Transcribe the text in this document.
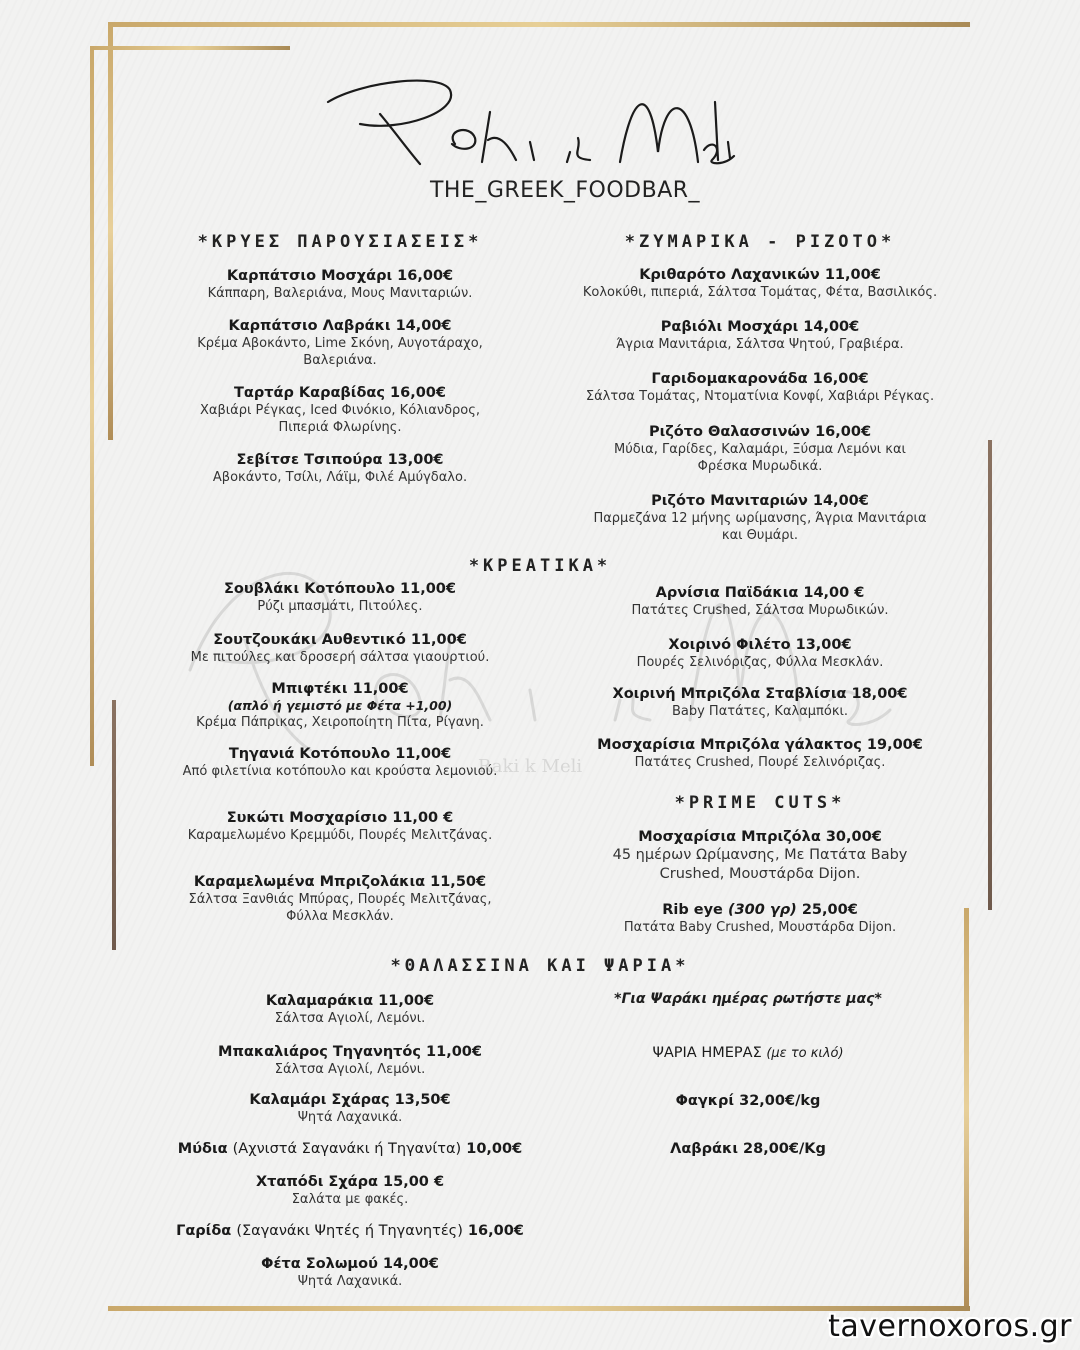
Raki k Meli
THE_GREEK_FOODBAR_
*ΚΡΥΕΣ ΠΑΡΟΥΣΙΑΣΕΙΣ*
Καρπάτσιο Μοσχάρι 16,00€
Κάππαρη, Βαλεριάνα, Μους Μανιταριών.
Καρπάτσιο Λαβράκι 14,00€
Κρέμα Αβοκάντο, Lime Σκόνη, Αυγοτάραχο,
Βαλεριάνα.
Ταρτάρ Καραβίδας 16,00€
Χαβιάρι Ρέγκας, Iced Φινόκιο, Κόλιανδρος,
Πιπεριά Φλωρίνης.
Σεβίτσε Τσιπούρα 13,00€
Αβοκάντο, Τσίλι, Λάϊμ, Φιλέ Αμύγδαλο.
*ΖΥΜΑΡΙΚΑ - ΡΙΖΟΤΟ*
Κριθαρότο Λαχανικών 11,00€
Κολοκύθι, πιπεριά, Σάλτσα Τομάτας, Φέτα, Βασιλικός.
Ραβιόλι Μοσχάρι 14,00€
Άγρια Μανιτάρια, Σάλτσα Ψητού, Γραβιέρα.
Γαριδομακαρονάδα 16,00€
Σάλτσα Τομάτας, Ντοματίνια Κονφί, Χαβιάρι Ρέγκας.
Ριζότο Θαλασσινών 16,00€
Μύδια, Γαρίδες, Καλαμάρι, Ξύσμα Λεμόνι και
Φρέσκα Μυρωδικά.
Ριζότο Μανιταριών 14,00€
Παρμεζάνα 12 μήνης ωρίμανσης, Άγρια Μανιτάρια
και Θυμάρι.
*ΚΡΕΑΤΙΚΑ*
Σουβλάκι Κοτόπουλο 11,00€
Ρύζι μπασμάτι, Πιτούλες.
Σουτζουκάκι Αυθεντικό 11,00€
Με πιτούλες και δροσερή σάλτσα γιαουρτιού.
Μπιφτέκι 11,00€
(απλό ή γεμιστό με Φέτα +1,00)
Κρέμα Πάπρικας, Χειροποίητη Πίτα, Ρίγανη.
Τηγανιά Κοτόπουλο 11,00€
Από φιλετίνια κοτόπουλο και κρούστα λεμονιού.
Συκώτι Μοσχαρίσιο 11,00 €
Καραμελωμένο Κρεμμύδι, Πουρές Μελιτζάνας.
Καραμελωμένα Μπριζολάκια 11,50€
Σάλτσα Ξανθιάς Μπύρας, Πουρές Μελιτζάνας,
Φύλλα Μεσκλάν.
Αρνίσια Παϊδάκια 14,00 €
Πατάτες Crushed, Σάλτσα Μυρωδικών.
Χοιρινό Φιλέτο 13,00€
Πουρές Σελινόριζας, Φύλλα Μεσκλάν.
Χοιρινή Μπριζόλα Σταβλίσια 18,00€
Baby Πατάτες, Καλαμπόκι.
Μοσχαρίσια Μπριζόλα γάλακτος 19,00€
Πατάτες Crushed, Πουρέ Σελινόριζας.
*PRIME CUTS*
Μοσχαρίσια Μπριζόλα 30,00€
45 ημέρων Ωρίμανσης, Με Πατάτα Baby
Crushed, Μουστάρδα Dijon.
Rib eye (300 γρ) 25,00€
Πατάτα Baby Crushed, Μουστάρδα Dijon.
*ΘΑΛΑΣΣΙΝΑ ΚΑΙ ΨΑΡΙΑ*
Καλαμαράκια 11,00€
Σάλτσα Αγιολί, Λεμόνι.
Μπακαλιάρος Τηγανητός 11,00€
Σάλτσα Αγιολί, Λεμόνι.
Καλαμάρι Σχάρας 13,50€
Ψητά Λαχανικά.
Μύδια (Αχνιστά Σαγανάκι ή Τηγανίτα) 10,00€
Χταπόδι Σχάρα 15,00 €
Σαλάτα με φακές.
Γαρίδα (Σαγανάκι Ψητές ή Τηγανητές) 16,00€
Φέτα Σολωμού 14,00€
Ψητά Λαχανικά.
*Για Ψαράκι ημέρας ρωτήστε μας*
ΨΑΡΙΑ ΗΜΕΡΑΣ (με το κιλό)
Φαγκρί 32,00€/kg
Λαβράκι 28,00€/Kg
tavernoxoros.gr
